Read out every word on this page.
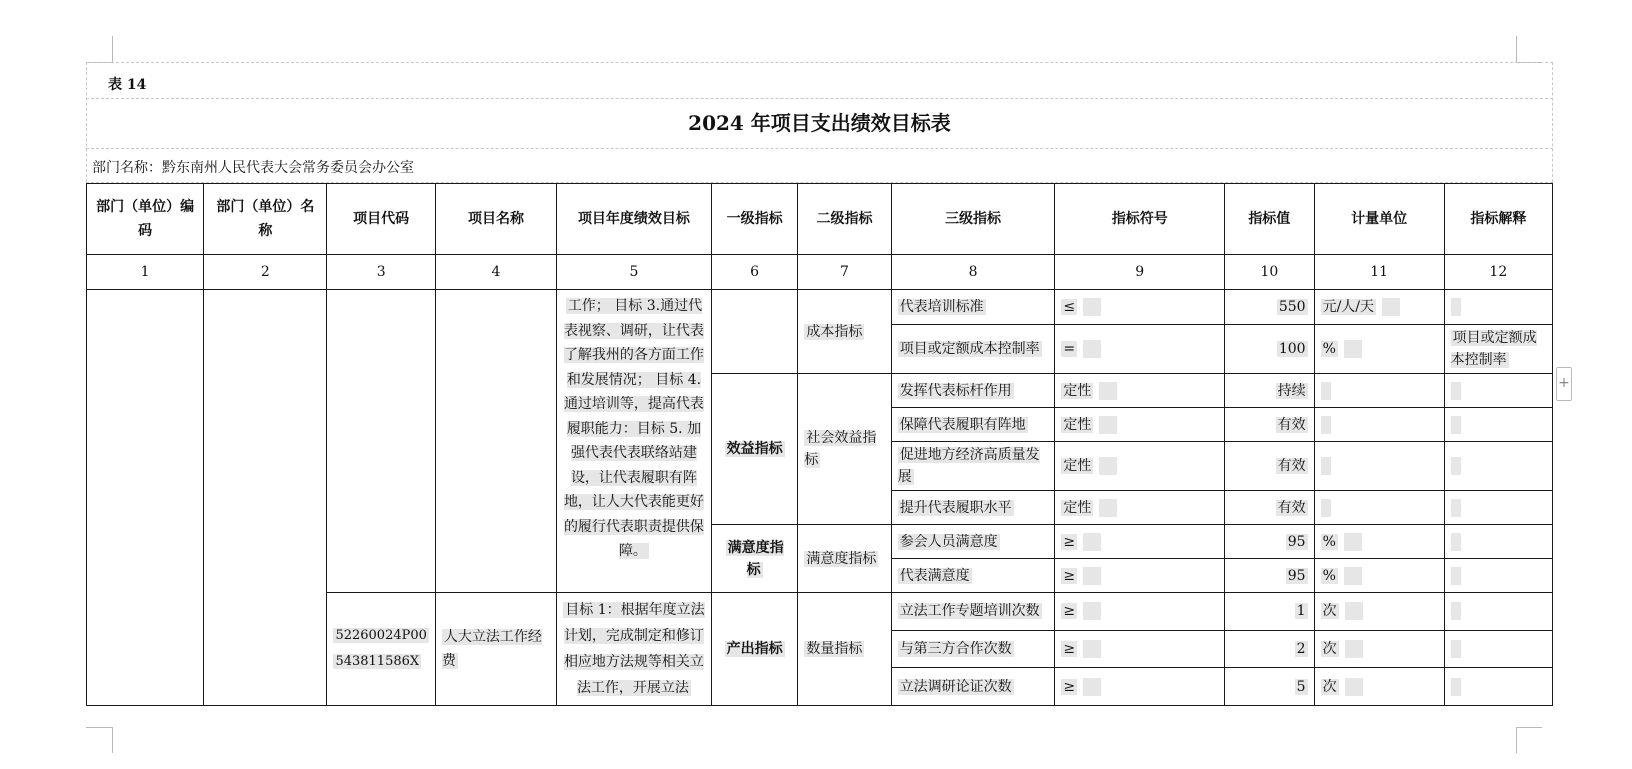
表 14
2024 年项目支出绩效目标表
部门名称：黔东南州人民代表大会常务委员会办公室
部门（单位）编码	部门（单位）名称	项目代码	项目名称	项目年度绩效目标	一级指标	二级指标	三级指标	指标符号	指标值	计量单位	指标解释
1	2	3	4	5	6	7	8	9	10	11	12
				工作； 目标 3.通过代表视察、调研，让代表了解我州的各方面工作和发展情况； 目标 4.通过培训等，提高代表履职能力：目标 5. 加强代表代表联络站建设，让代表履职有阵地，让人大代表能更好的履行代表职责提供保障。		成本指标	代表培训标准	≤	550	元/人/天	
							项目或定额成本控制率	=	100	%	项目或定额成本控制率
					效益指标	社会效益指标	发挥代表标杆作用	定性	持续		
							保障代表履职有阵地	定性	有效		
							促进地方经济高质量发展	定性	有效		
							提升代表履职水平	定性	有效		
					满意度指标	满意度指标	参会人员满意度	≥	95	%	
							代表满意度	≥	95	%	
		52260024P00
543811586X	人大立法工作经费	目标 1：根据年度立法计划，完成制定和修订相应地方法规等相关立法工作，开展立法	产出指标	数量指标	立法工作专题培训次数	≥	1	次	
							与第三方合作次数	≥	2	次	
							立法调研论证次数	≥	5	次	
+
